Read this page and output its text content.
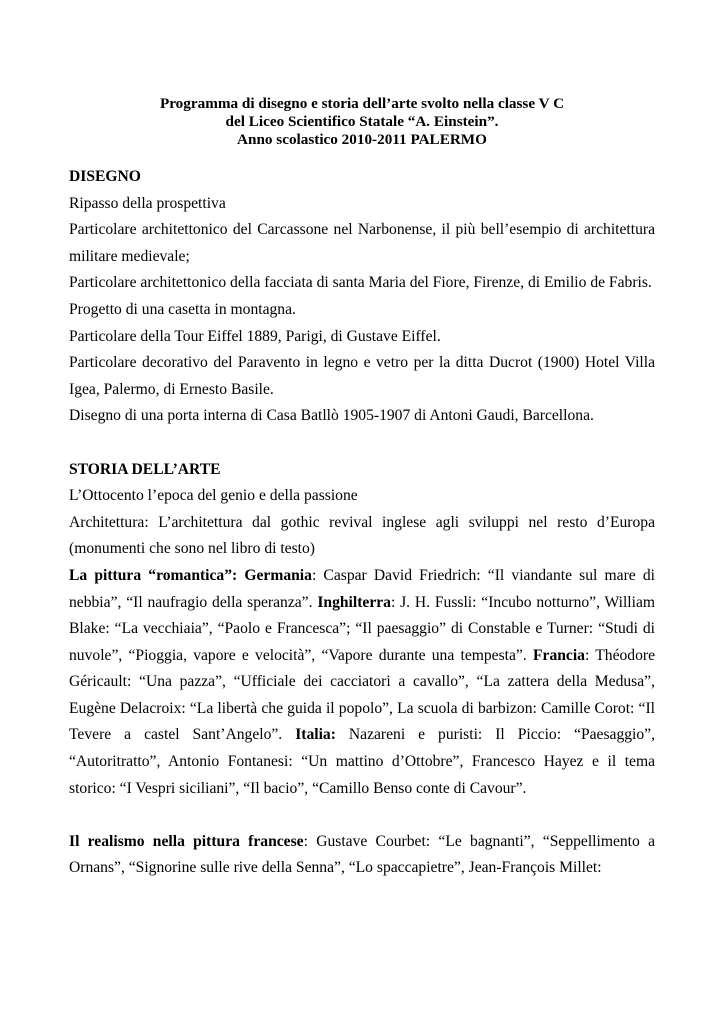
Programma di disegno e storia dell’arte svolto nella classe V C
del Liceo Scientifico Statale “A. Einstein”.
Anno scolastico 2010-2011 PALERMO

DISEGNO

Ripasso della prospettiva

Particolare architettonico del Carcassone nel Narbonense, il più bell’esempio di architettura militare medievale;

Particolare architettonico della facciata di santa Maria del Fiore, Firenze, di Emilio de Fabris.

Progetto di una casetta in montagna.

Particolare della Tour Eiffel 1889, Parigi, di Gustave Eiffel.

Particolare decorativo del Paravento in legno e vetro per la ditta Ducrot (1900) Hotel Villa Igea, Palermo, di Ernesto Basile.

Disegno di una porta interna di Casa Batllò 1905-1907 di Antoni Gaudi, Barcellona.

STORIA DELL’ARTE

L’Ottocento l’epoca del genio e della passione

Architettura: L’architettura dal gothic revival inglese agli sviluppi nel resto d’Europa (monumenti che sono nel libro di testo)

La pittura “romantica”: Germania: Caspar David Friedrich: “Il viandante sul mare di nebbia”, “Il naufragio della speranza”. Inghilterra: J. H. Fussli: “Incubo notturno”, William Blake: “La vecchiaia”, “Paolo e Francesca”; “Il paesaggio” di Constable e Turner: “Studi di nuvole”, “Pioggia, vapore e velocità”, “Vapore durante una tempesta”. Francia: Théodore Géricault: “Una pazza”, “Ufficiale dei cacciatori a cavallo”, “La zattera della Medusa”, Eugène Delacroix: “La libertà che guida il popolo”, La scuola di barbizon: Camille Corot: “Il Tevere a castel Sant’Angelo”. Italia: Nazareni e puristi: Il Piccio: “Paesaggio”, “Autoritratto”, Antonio Fontanesi: “Un mattino d’Ottobre”, Francesco Hayez e il tema storico: “I Vespri siciliani”, “Il bacio”, “Camillo Benso conte di Cavour”.

Il realismo nella pittura francese: Gustave Courbet: “Le bagnanti”, “Seppellimento a Ornans”, “Signorine sulle rive della Senna”, “Lo spaccapietre”, Jean-François Millet:
